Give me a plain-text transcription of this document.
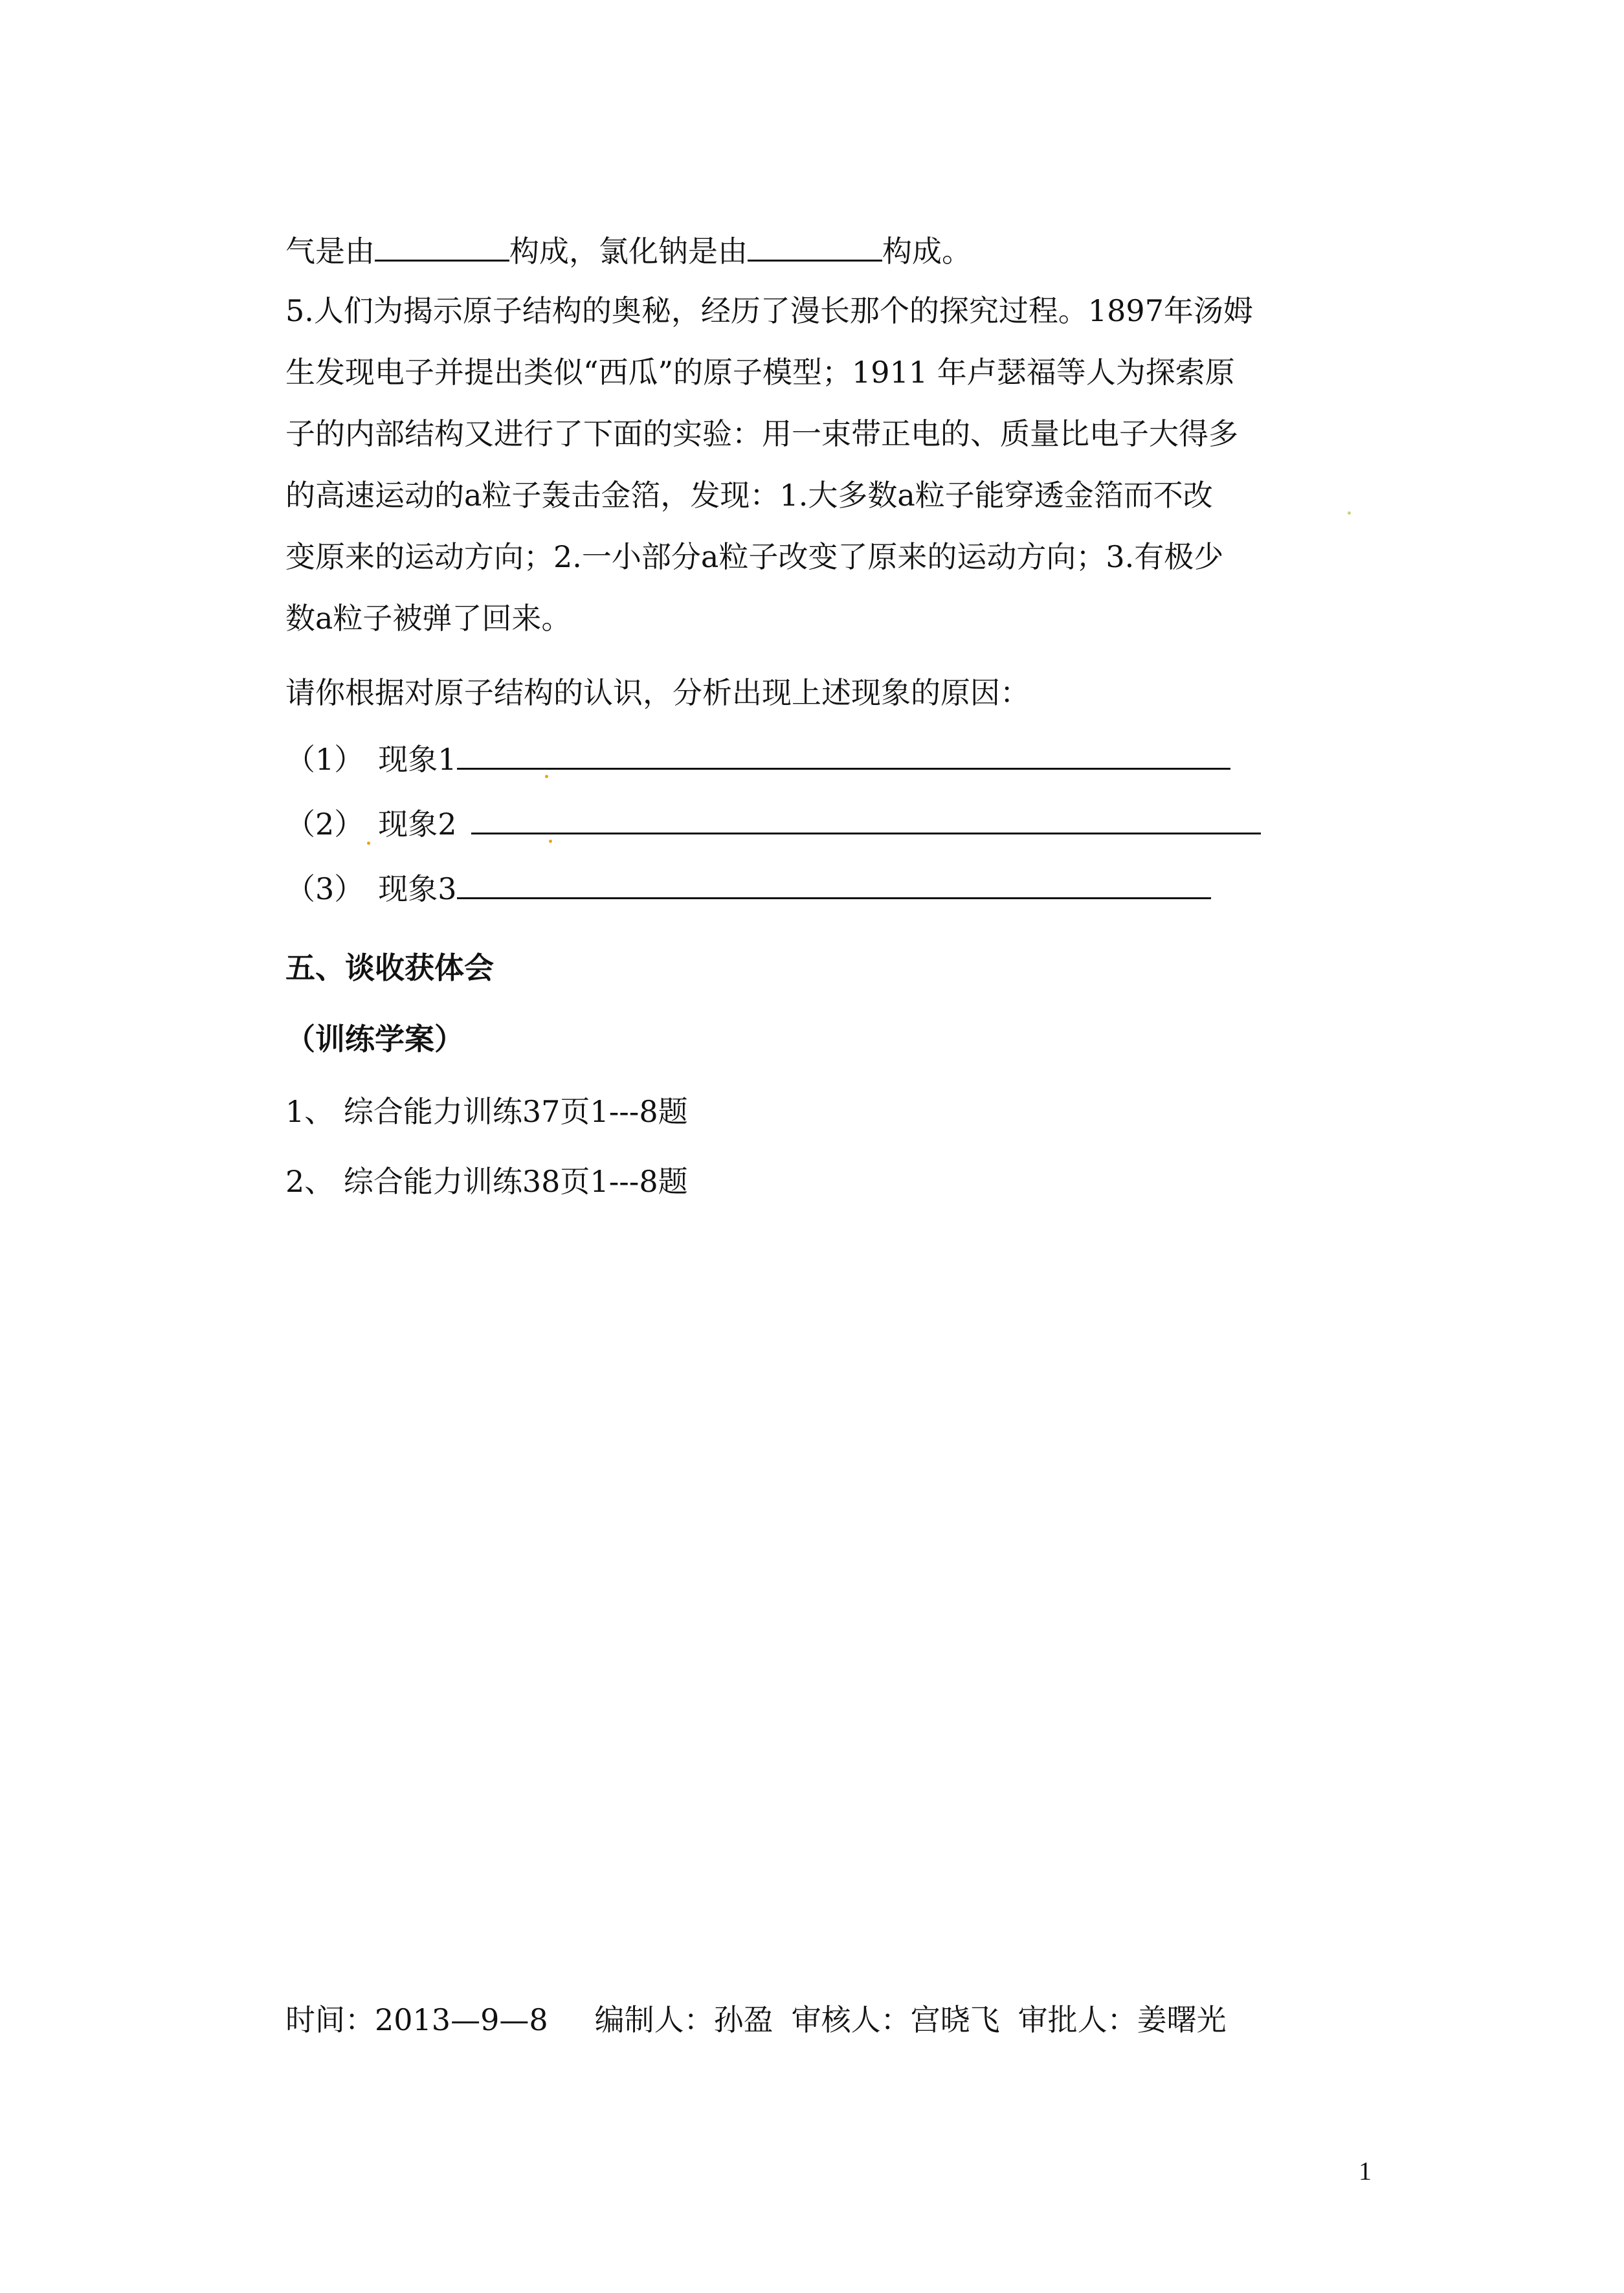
气是由	构成，氯化钠是由	构成。
5.人们为揭示原子结构的奥秘，经历了漫长那个的探究过程。1897年汤姆
生发现电子并提出类似“西瓜”的原子模型；1911 年卢瑟福等人为探索原
子的内部结构又进行了下面的实验：用一束带正电的、质量比电子大得多
的高速运动的a粒子轰击金箔，发现：1.大多数a粒子能穿透金箔而不改
变原来的运动方向；2.一小部分a粒子改变了原来的运动方向；3.有极少
数a粒子被弹了回来。
请你根据对原子结构的认识，分析出现上述现象的原因：
（1） 现象1
（2） 现象2
（3） 现象3
五、谈收获体会
（训练学案）
1、 综合能力训练37页1---8题
2、 综合能力训练38页1---8题
时间：2013—9—8 编制人：孙盈 审核人：宫晓飞 审批人：姜曙光
1
